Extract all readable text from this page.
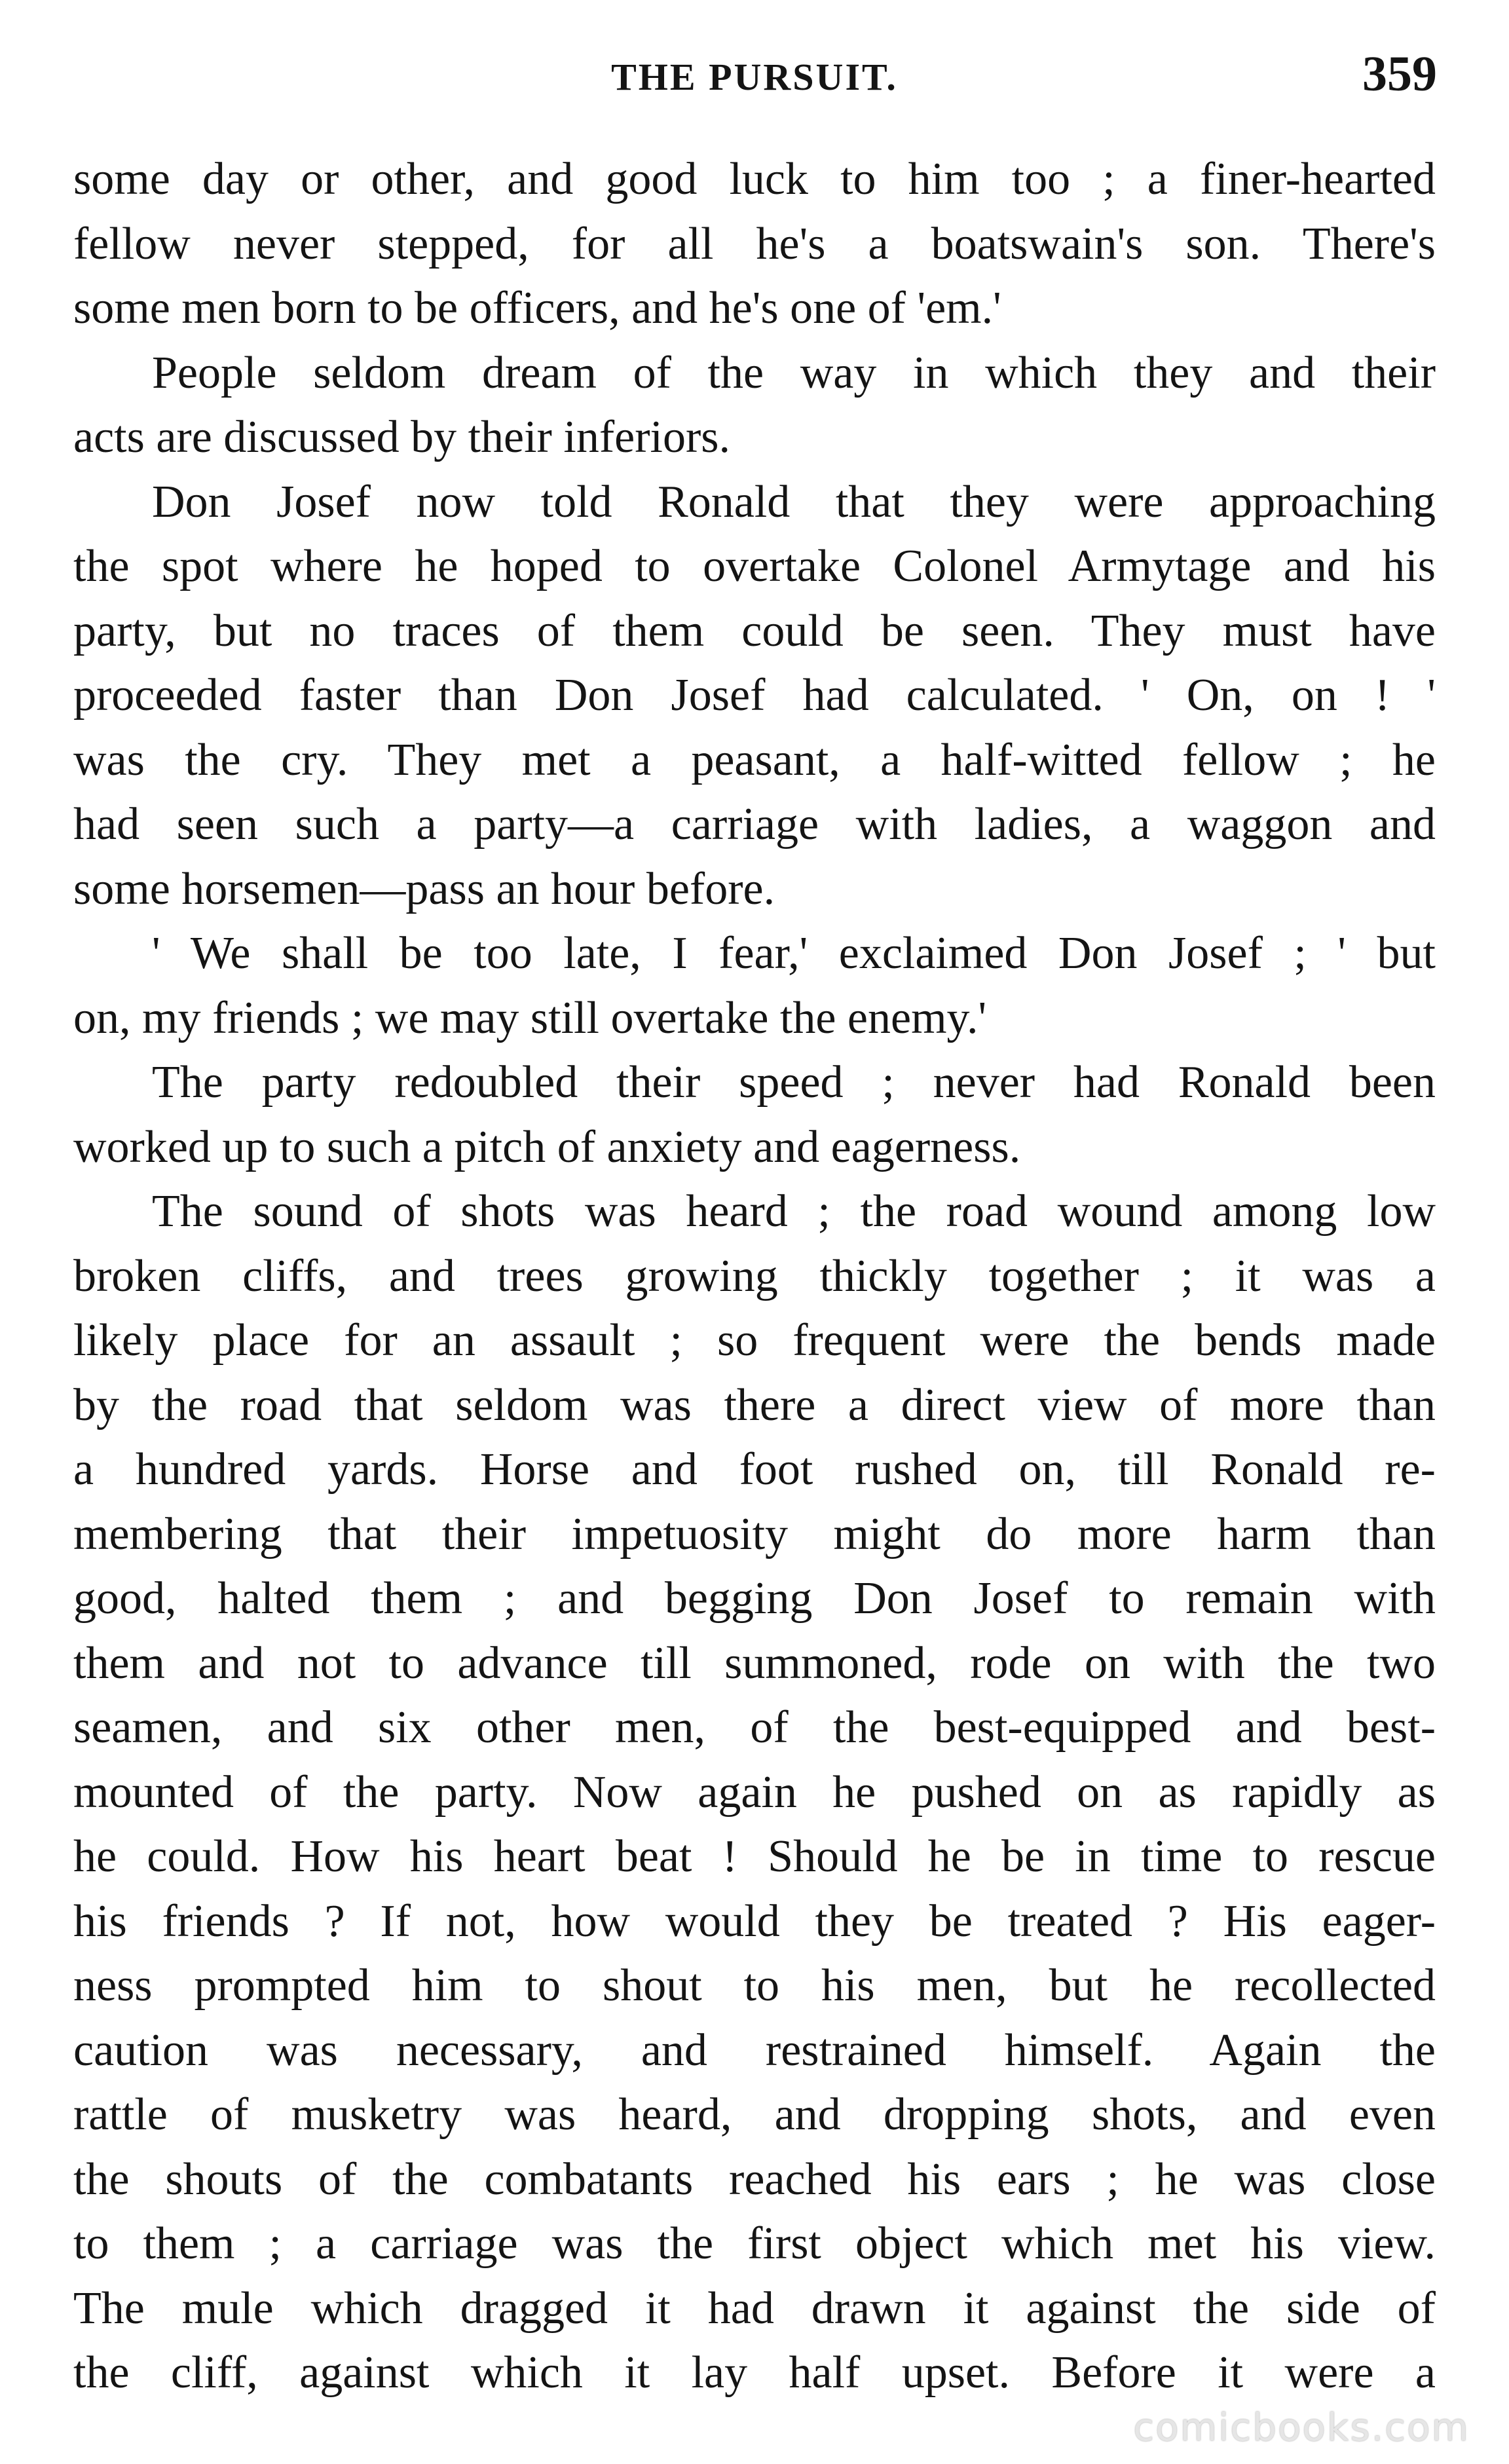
THE PURSUIT.	359
some day or other, and good luck to him too ; a finer-hearted
fellow never stepped, for all he's a boatswain's son. There's
some men born to be officers, and he's one of 'em.'
People seldom dream of the way in which they and their
acts are discussed by their inferiors.
Don Josef now told Ronald that they were approaching
the spot where he hoped to overtake Colonel Armytage and his
party, but no traces of them could be seen. They must have
proceeded faster than Don Josef had calculated. ' On, on ! '
was the cry. They met a peasant, a half-witted fellow ; he
had seen such a party—a carriage with ladies, a waggon and
some horsemen—pass an hour before.
' We shall be too late, I fear,' exclaimed Don Josef ; ' but
on, my friends ; we may still overtake the enemy.'
The party redoubled their speed ; never had Ronald been
worked up to such a pitch of anxiety and eagerness.
The sound of shots was heard ; the road wound among low
broken cliffs, and trees growing thickly together ; it was a
likely place for an assault ; so frequent were the bends made
by the road that seldom was there a direct view of more than
a hundred yards. Horse and foot rushed on, till Ronald re-
membering that their impetuosity might do more harm than
good, halted them ; and begging Don Josef to remain with
them and not to advance till summoned, rode on with the two
seamen, and six other men, of the best-equipped and best-
mounted of the party. Now again he pushed on as rapidly as
he could. How his heart beat ! Should he be in time to rescue
his friends ? If not, how would they be treated ? His eager-
ness prompted him to shout to his men, but he recollected
caution was necessary, and restrained himself. Again the
rattle of musketry was heard, and dropping shots, and even
the shouts of the combatants reached his ears ; he was close
to them ; a carriage was the first object which met his view.
The mule which dragged it had drawn it against the side of
the cliff, against which it lay half upset. Before it were a
comicbooks.com
